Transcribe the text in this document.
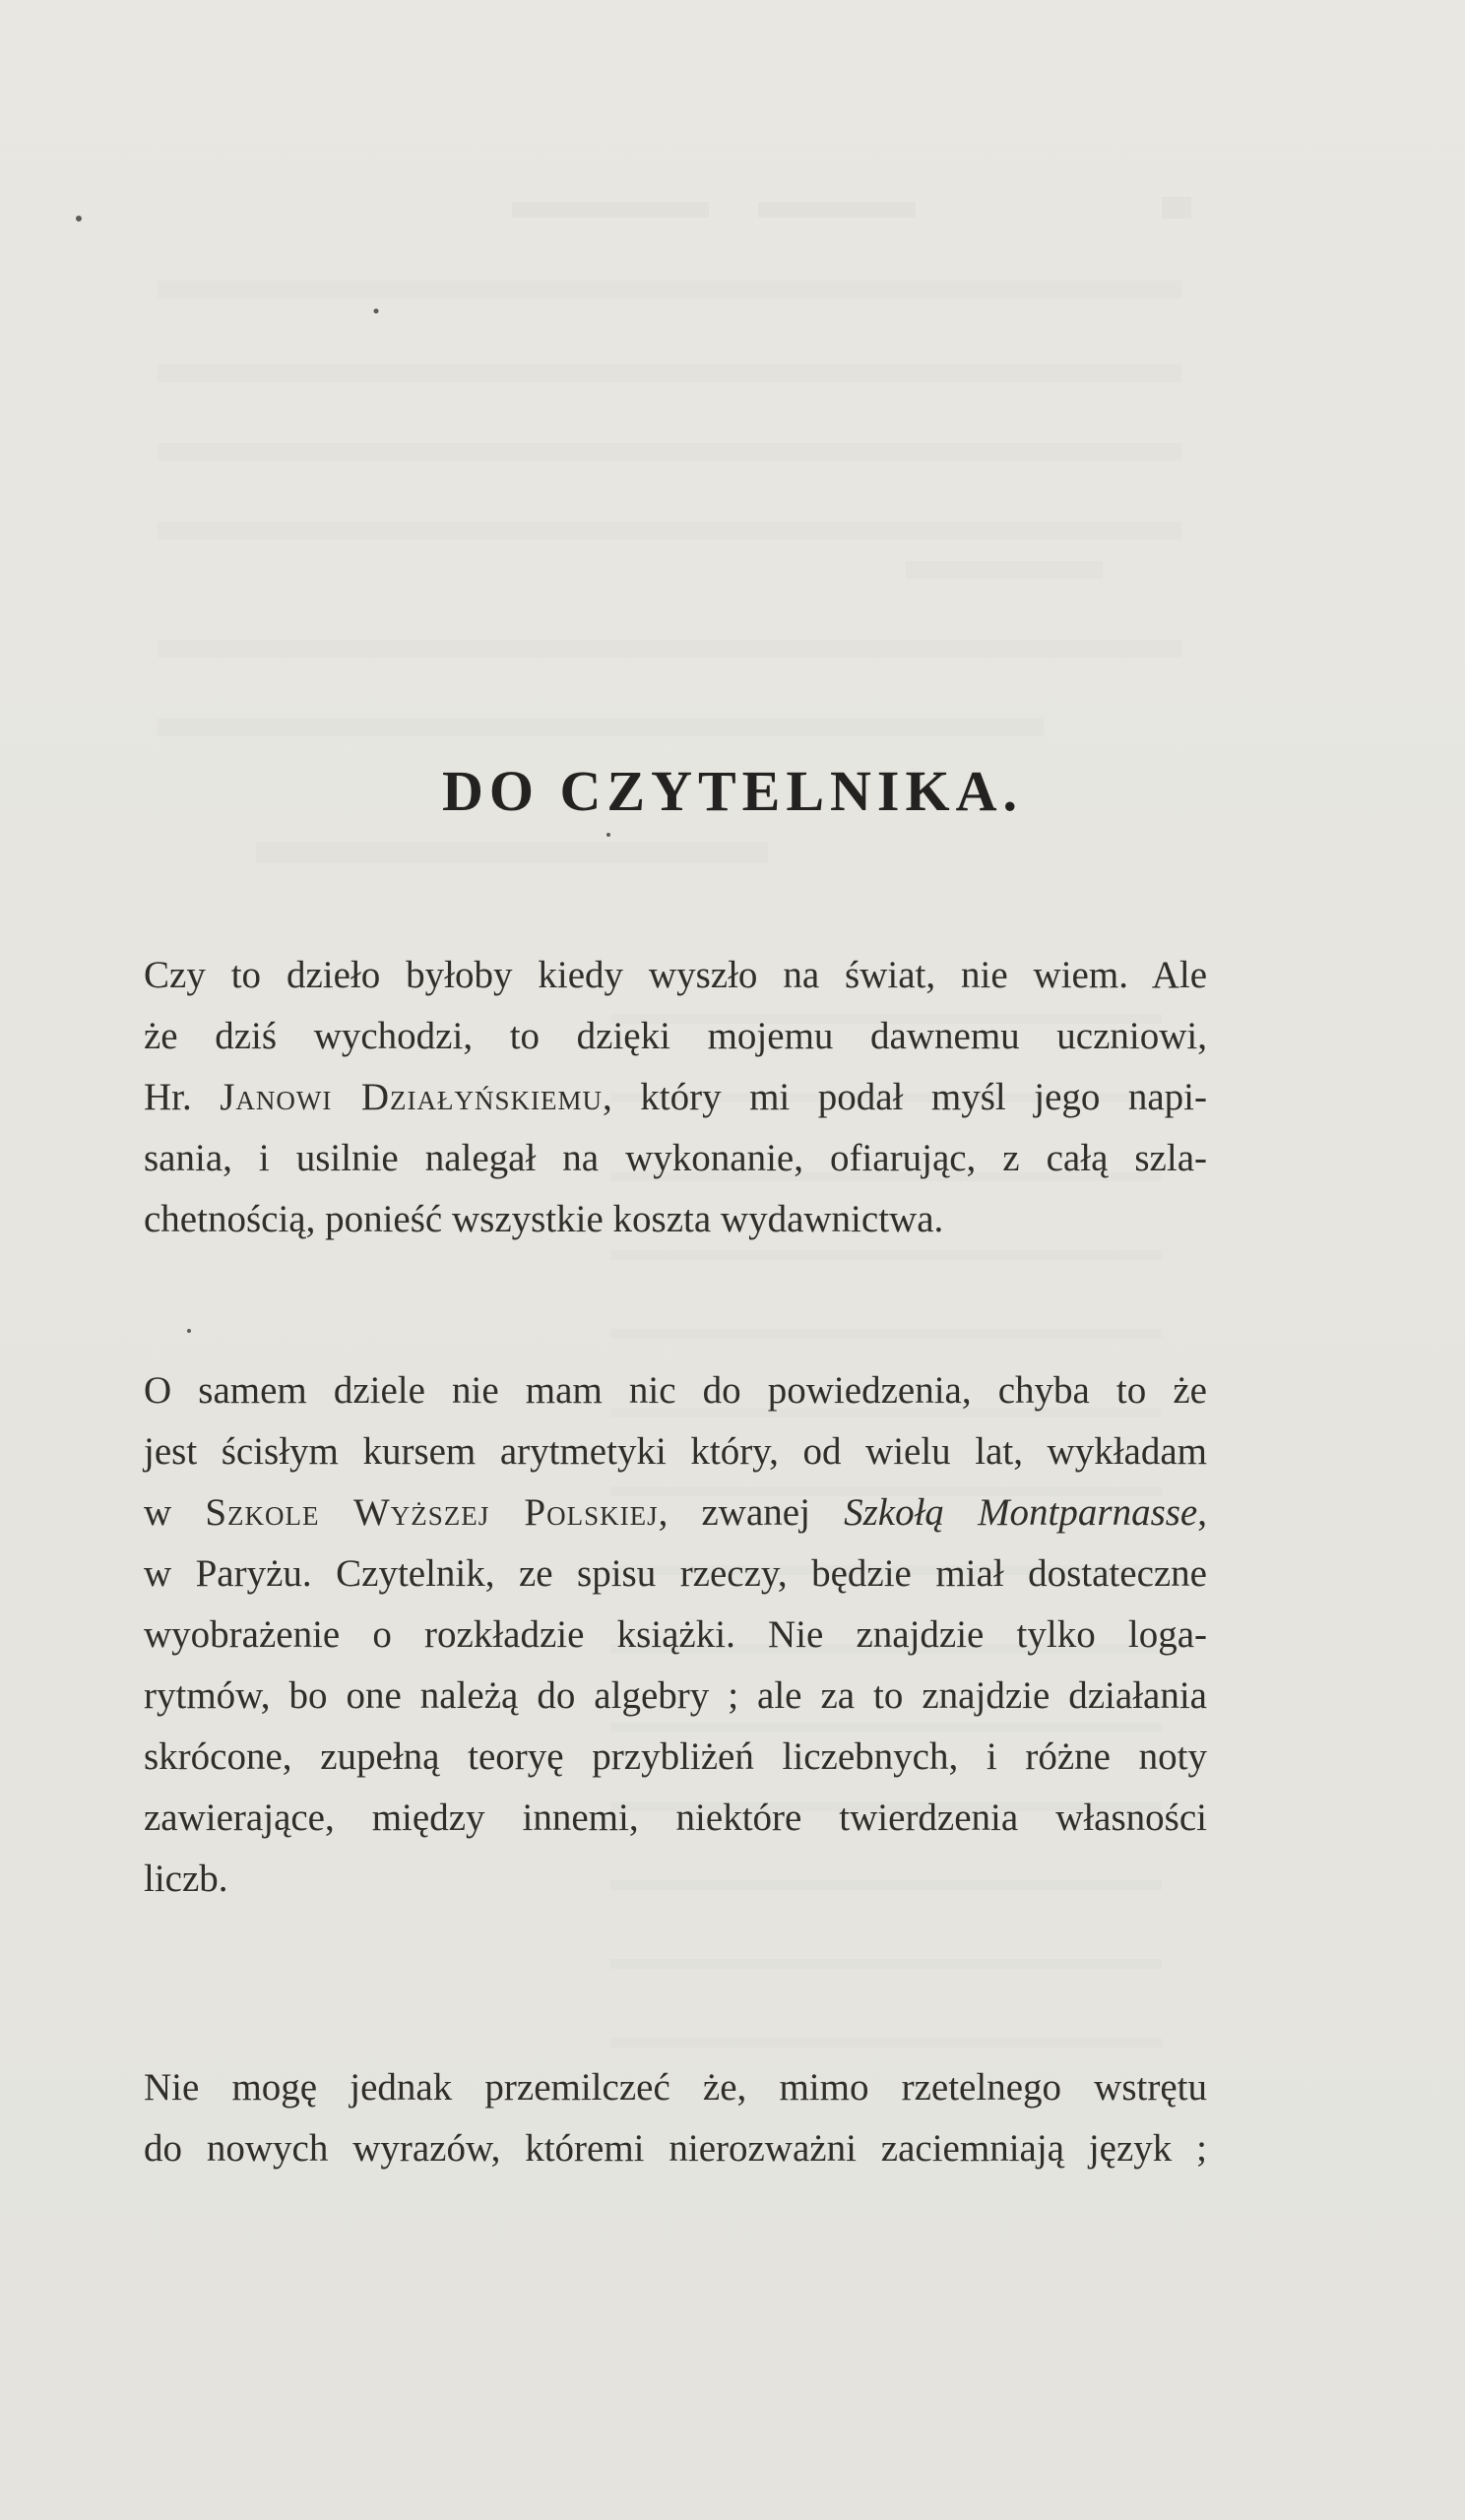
DO CZYTELNIKA.
Czy to dzieło byłoby kiedy wyszło na świat, nie wiem. Ale
że dziś wychodzi, to dzięki mojemu dawnemu uczniowi,
Hr. Janowi Działyńskiemu, który mi podał myśl jego napi-
sania, i usilnie nalegał na wykonanie, ofiarując, z całą szla-
chetnością, ponieść wszystkie koszta wydawnictwa.
O samem dziele nie mam nic do powiedzenia, chyba to że
jest ścisłym kursem arytmetyki który, od wielu lat, wykładam
w Szkole Wyższej Polskiej, zwanej Szkołą Montparnasse,
w Paryżu. Czytelnik, ze spisu rzeczy, będzie miał dostateczne
wyobrażenie o rozkładzie książki. Nie znajdzie tylko loga-
rytmów, bo one należą do algebry ; ale za to znajdzie działania
skrócone, zupełną teoryę przybliżeń liczebnych, i różne noty
zawierające, między innemi, niektóre twierdzenia własności
liczb.
Nie mogę jednak przemilczeć że, mimo rzetelnego wstrętu
do nowych wyrazów, któremi nierozważni zaciemniają język ;
